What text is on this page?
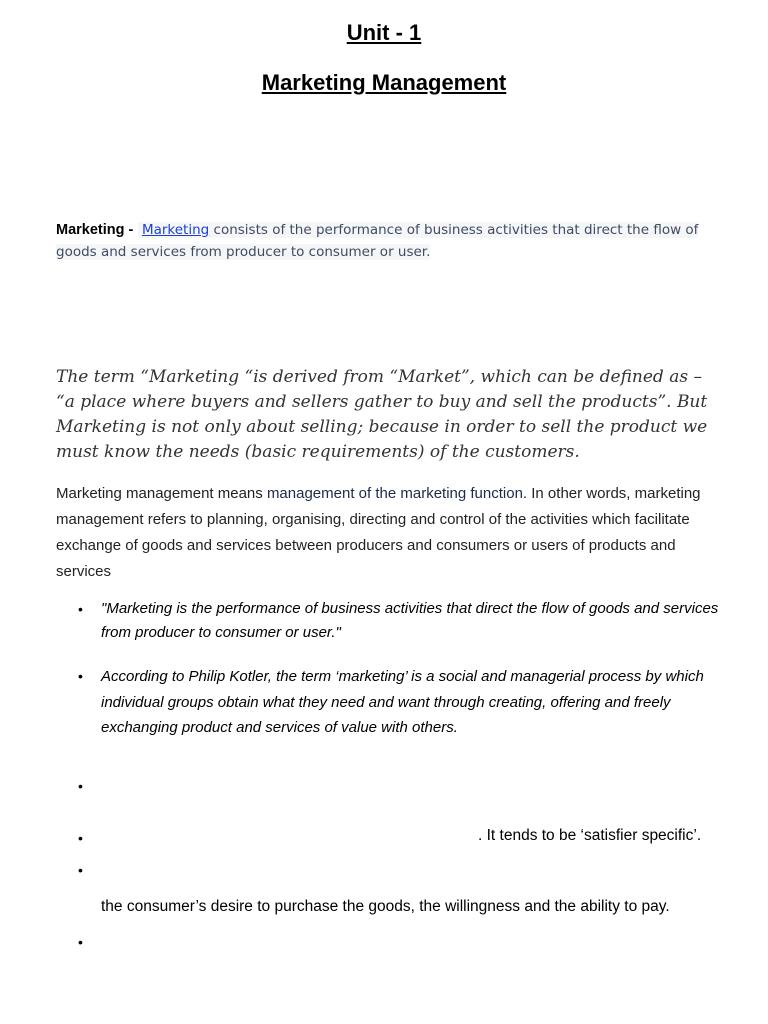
Unit - 1
Marketing Management
Marketing - Marketing consists of the performance of business activities that direct the flow of
goods and services from producer to consumer or user.
The term “Marketing “is derived from “Market”, which can be defined as – “a place where buyers and sellers gather to buy and sell the products”. But Marketing is not only about selling; because in order to sell the product we must know the needs (basic requirements) of the customers.
Marketing management means management of the marketing function. In other words, marketing management refers to planning, organising, directing and control of the activities which facilitate exchange of goods and services between producers and consumers or users of products and services
• "Marketing is the performance of business activities that direct the flow of goods and services from producer to consumer or user."
• According to Philip Kotler, the term ‘marketing’ is a social and managerial process by which individual groups obtain what they need and want through creating, offering and freely exchanging product and services of value with others.
•
•	. It tends to be ‘satisfier specific’.
•
the consumer’s desire to purchase the goods, the willingness and the ability to pay.
•
